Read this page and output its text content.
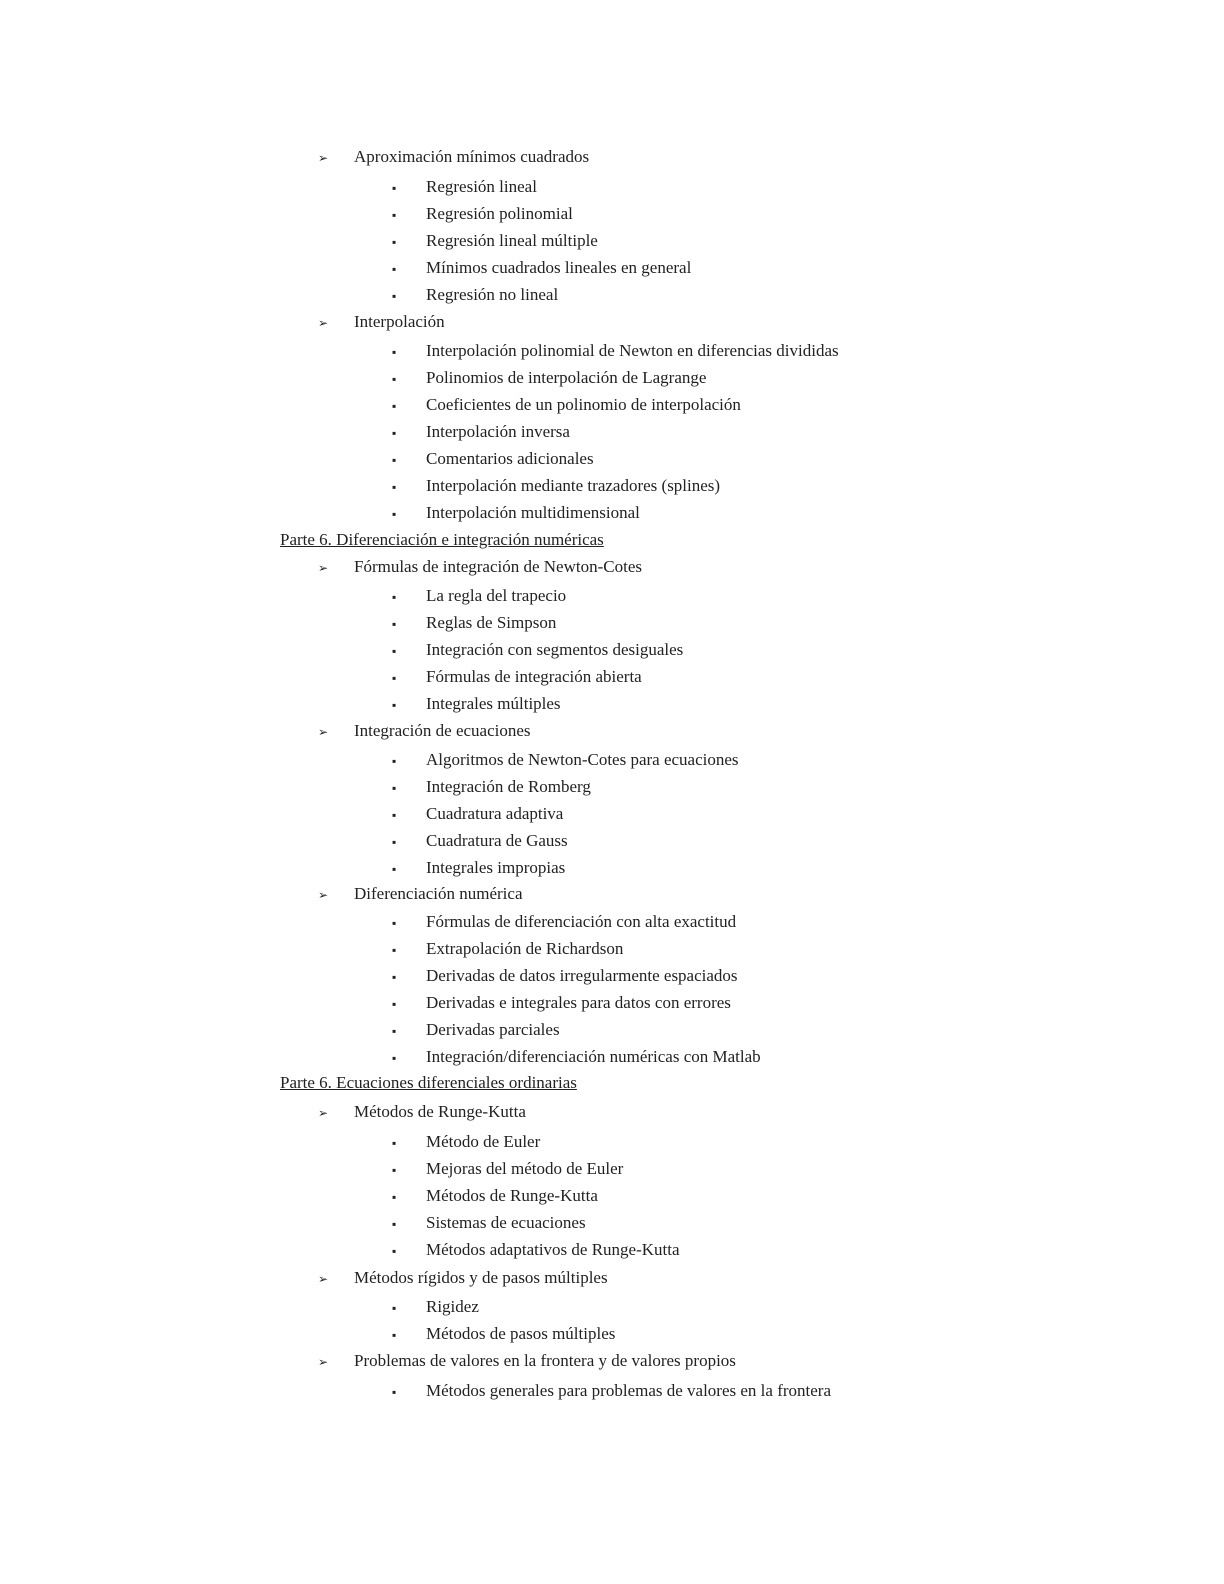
➢ Aproximación mínimos cuadrados
▪ Regresión lineal
▪ Regresión polinomial
▪ Regresión lineal múltiple
▪ Mínimos cuadrados lineales en general
▪ Regresión no lineal
➢ Interpolación
▪ Interpolación polinomial de Newton en diferencias divididas
▪ Polinomios de interpolación de Lagrange
▪ Coeficientes de un polinomio de interpolación
▪ Interpolación inversa
▪ Comentarios adicionales
▪ Interpolación mediante trazadores (splines)
▪ Interpolación multidimensional
Parte 6. Diferenciación e integración numéricas
➢ Fórmulas de integración de Newton-Cotes
▪ La regla del trapecio
▪ Reglas de Simpson
▪ Integración con segmentos desiguales
▪ Fórmulas de integración abierta
▪ Integrales múltiples
➢ Integración de ecuaciones
▪ Algoritmos de Newton-Cotes para ecuaciones
▪ Integración de Romberg
▪ Cuadratura adaptiva
▪ Cuadratura de Gauss
▪ Integrales impropias
➢ Diferenciación numérica
▪ Fórmulas de diferenciación con alta exactitud
▪ Extrapolación de Richardson
▪ Derivadas de datos irregularmente espaciados
▪ Derivadas e integrales para datos con errores
▪ Derivadas parciales
▪ Integración/diferenciación numéricas con Matlab
Parte 6. Ecuaciones diferenciales ordinarias
➢ Métodos de Runge-Kutta
▪ Método de Euler
▪ Mejoras del método de Euler
▪ Métodos de Runge-Kutta
▪ Sistemas de ecuaciones
▪ Métodos adaptativos de Runge-Kutta
➢ Métodos rígidos y de pasos múltiples
▪ Rigidez
▪ Métodos de pasos múltiples
➢ Problemas de valores en la frontera y de valores propios
▪ Métodos generales para problemas de valores en la frontera
